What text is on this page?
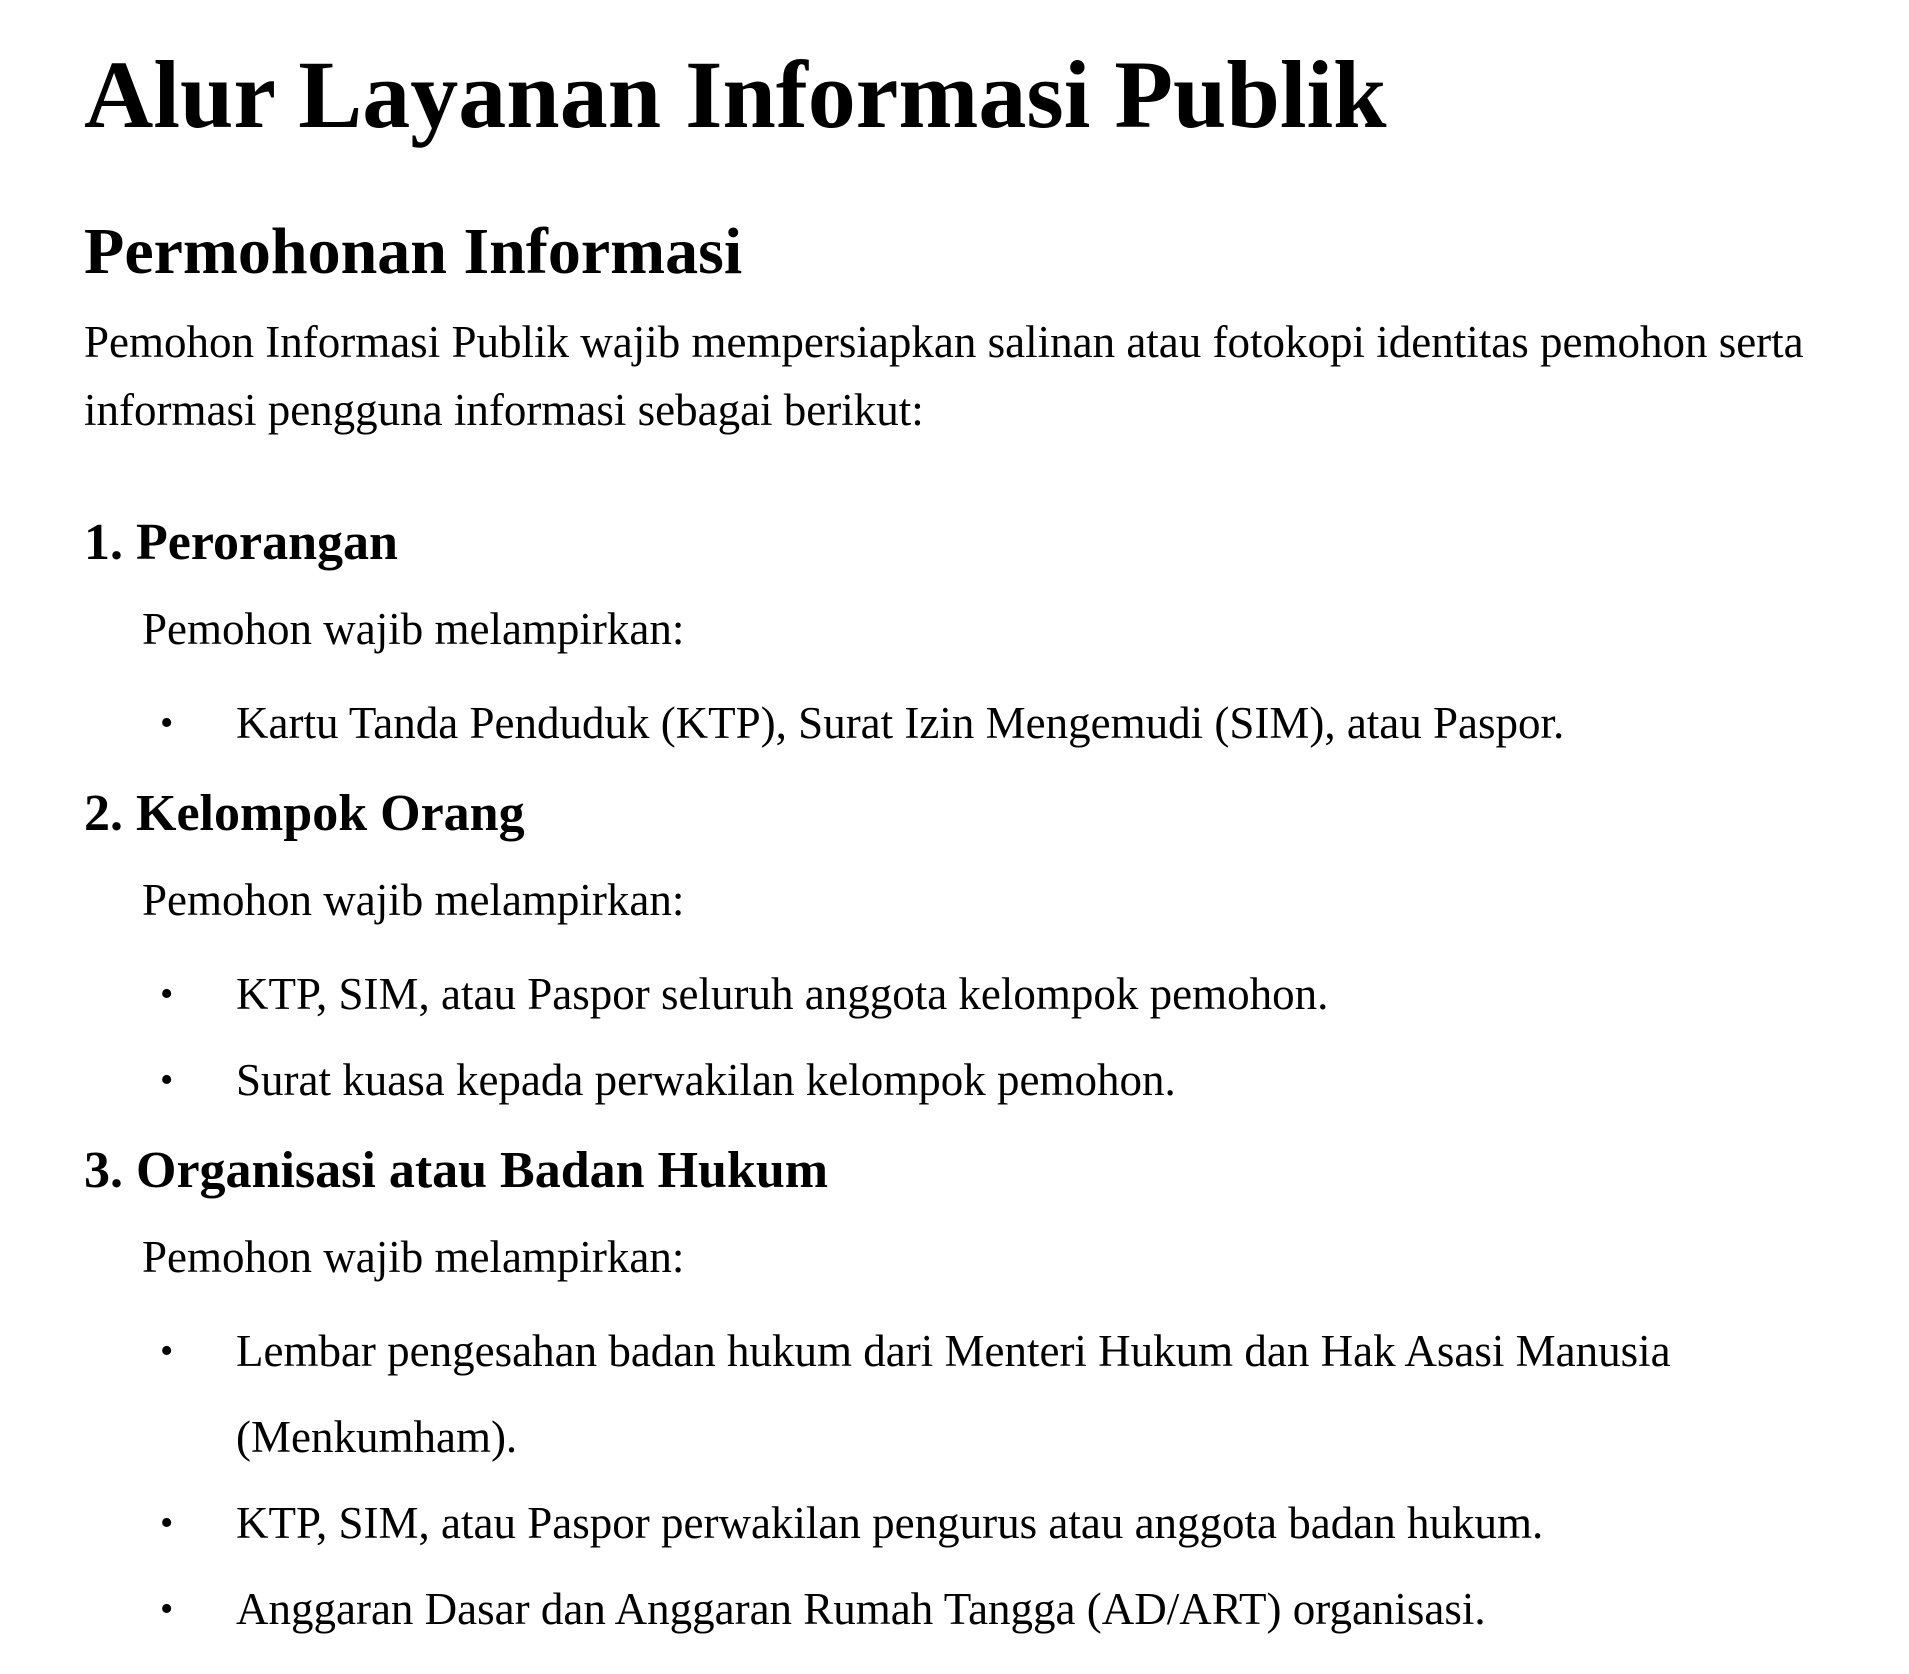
Alur Layanan Informasi Publik
Permohonan Informasi

Pemohon Informasi Publik wajib mempersiapkan salinan atau fotokopi identitas pemohon serta informasi pengguna informasi sebagai berikut:

1. Perorangan

Pemohon wajib melampirkan:

• Kartu Tanda Penduduk (KTP), Surat Izin Mengemudi (SIM), atau Paspor.
2. Kelompok Orang

Pemohon wajib melampirkan:

• KTP, SIM, atau Paspor seluruh anggota kelompok pemohon.
• Surat kuasa kepada perwakilan kelompok pemohon.
3. Organisasi atau Badan Hukum

Pemohon wajib melampirkan:

• Lembar pengesahan badan hukum dari Menteri Hukum dan Hak Asasi Manusia (Menkumham).
• KTP, SIM, atau Paspor perwakilan pengurus atau anggota badan hukum.
• Anggaran Dasar dan Anggaran Rumah Tangga (AD/ART) organisasi.
